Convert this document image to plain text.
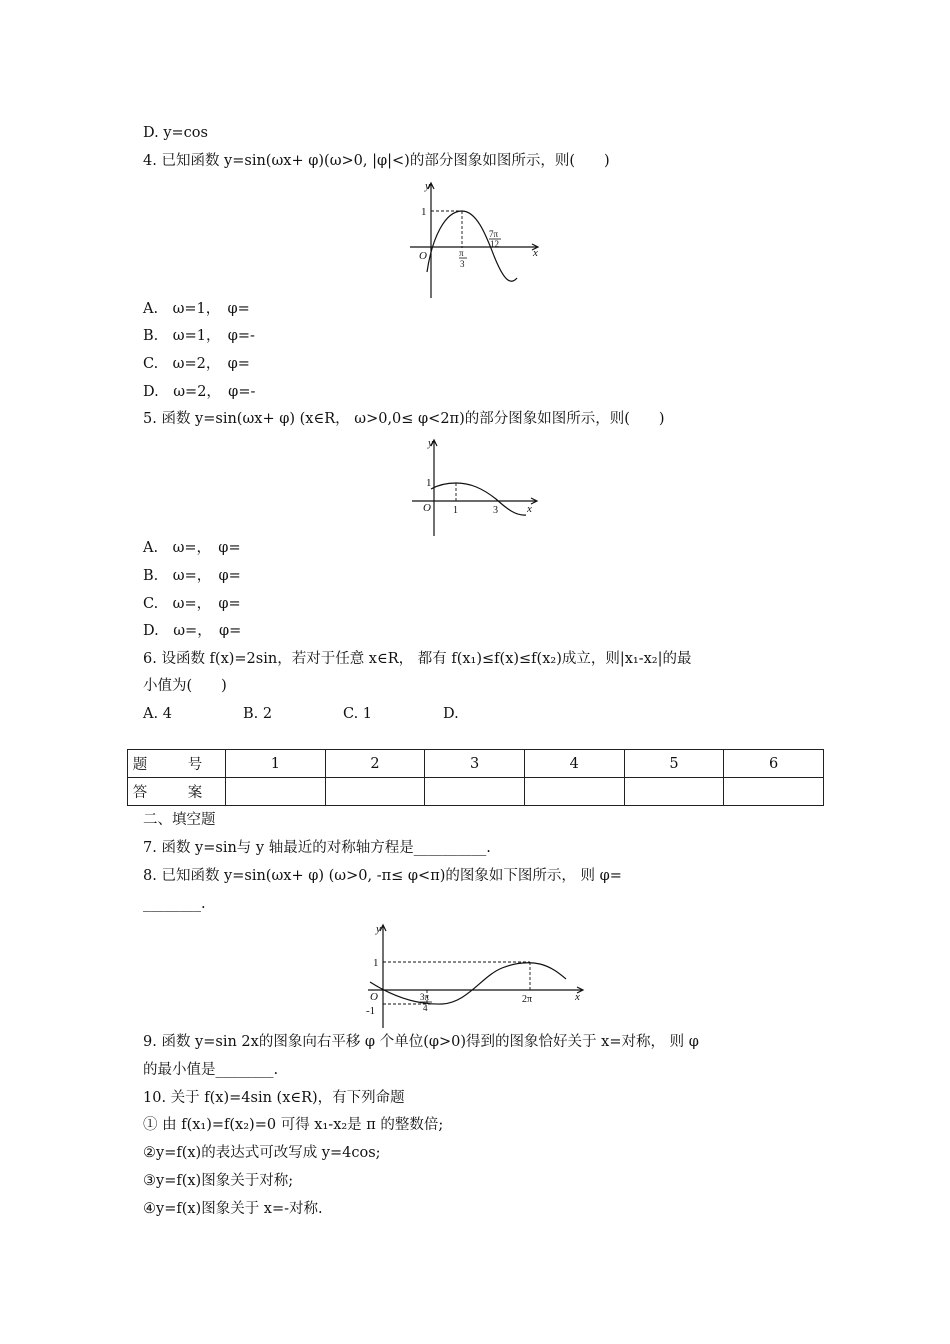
D. y=cos
4. 已知函数 y=sin(ωx+ φ)(ω>0, |φ|<)的部分图象如图所示，则(　　)
y
x
O
1
π
3
7π
12
A.　ω=1，　φ=
B.　ω=1，　φ=-
C.　ω=2，　φ=
D.　ω=2，　φ=-
5. 函数 y=sin(ωx+ φ) (x∈R， ω>0,0≤ φ<2π)的部分图象如图所示，则(　　)
y
x
O
1
1	3
A.　ω=，　φ=
B.　ω=，　φ=
C.　ω=，　φ=
D.　ω=，　φ=
6. 设函数 f(x)=2sin，若对于任意 x∈R， 都有 f(x₁)≤f(x)≤f(x₂)成立，则|x₁-x₂|的最
小值为(　　)
A. 4	B. 2	C. 1	D.
题 号	1	2	3	4	5	6
答 案						
二、填空题
7. 函数 y=sin与 y 轴最近的对称轴方程是__________.
8. 已知函数 y=sin(ωx+ φ) (ω>0, -π≤ φ<π)的图象如下图所示， 则 φ=
________.
y
x
O
1
-1
3π
4
2π
9. 函数 y=sin 2x的图象向右平移 φ 个单位(φ>0)得到的图象恰好关于 x=对称， 则 φ
的最小值是________.
10. 关于 f(x)=4sin (x∈R)，有下列命题
① 由 f(x₁)=f(x₂)=0 可得 x₁-x₂是 π 的整数倍;
②y=f(x)的表达式可改写成 y=4cos;
③y=f(x)图象关于对称;
④y=f(x)图象关于 x=-对称.
